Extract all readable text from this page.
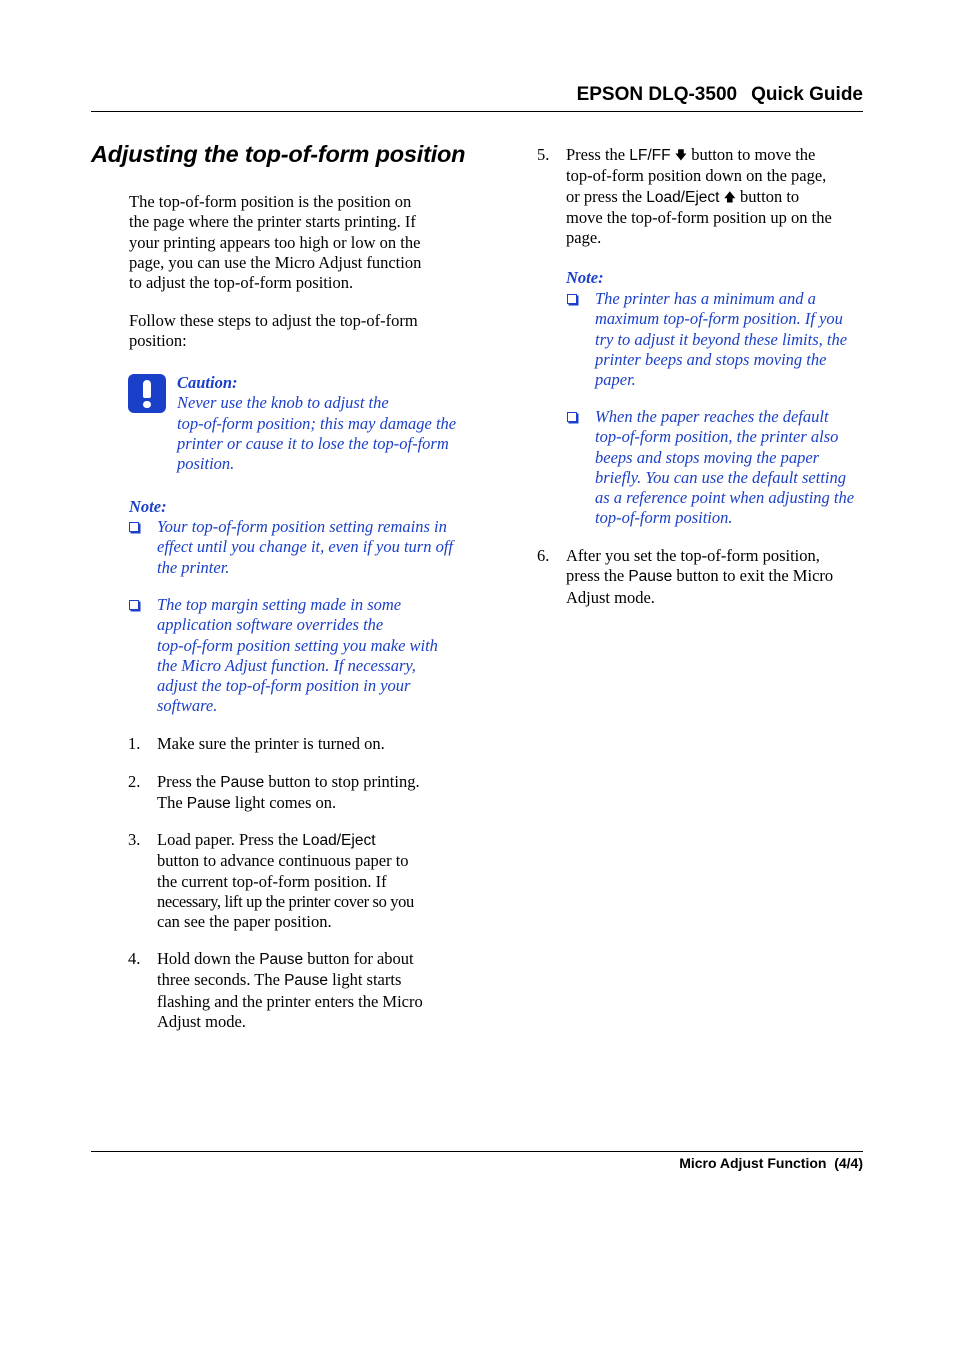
EPSON DLQ-3500 Quick Guide
Adjusting the top-of-form position
The top-of-form position is the position on
the page where the printer starts printing. If
your printing appears too high or low on the
page, you can use the Micro Adjust function
to adjust the top-of-form position.
Follow these steps to adjust the top-of-form
position:
Caution:
Never use the knob to adjust the
top-of-form position; this may damage the
printer or cause it to lose the top-of-form
position.
Note:
Your top-of-form position setting remains in
effect until you change it, even if you turn off
the printer.
The top margin setting made in some
application software overrides the
top-of-form position setting you make with
the Micro Adjust function. If necessary,
adjust the top-of-form position in your
software.
1. Make sure the printer is turned on.
2. Press the Pause button to stop printing.
The Pause light comes on.
3. Load paper. Press the Load/Eject
button to advance continuous paper to
the current top-of-form position. If
necessary, lift up the printer cover so you
can see the paper position.
4. Hold down the Pause button for about
three seconds. The Pause light starts
flashing and the printer enters the Micro
Adjust mode.
5. Press the LF/FF 🡇 button to move the
top-of-form position down on the page,
or press the Load/Eject 🡅 button to
move the top-of-form position up on the
page.
Note:
The printer has a minimum and a
maximum top-of-form position. If you
try to adjust it beyond these limits, the
printer beeps and stops moving the
paper.
When the paper reaches the default
top-of-form position, the printer also
beeps and stops moving the paper
briefly. You can use the default setting
as a reference point when adjusting the
top-of-form position.
6. After you set the top-of-form position,
press the Pause button to exit the Micro
Adjust mode.
Micro Adjust Function  (4/4)
